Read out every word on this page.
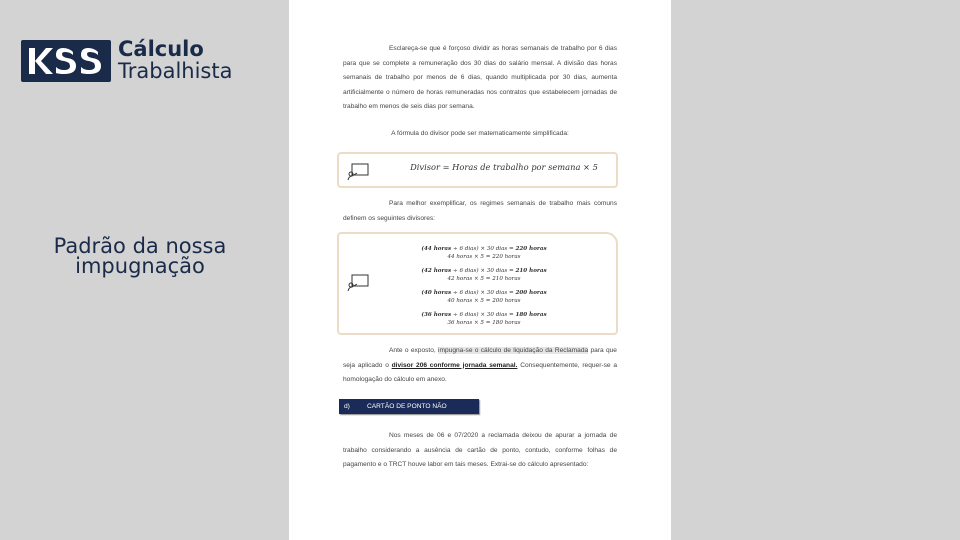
Cálculo
Trabalhista
Padrão da nossa
impugnação

Esclareça-se que é forçoso dividir as horas semanais de trabalho por 6 dias para que se complete a remuneração dos 30 dias do salário mensal. A divisão das horas semanais de trabalho por menos de 6 dias, quando multiplicada por 30 dias, aumenta artificialmente o número de horas remuneradas nos contratos que estabelecem jornadas de trabalho em menos de seis dias por semana.

A fórmula do divisor pode ser matematicamente simplificada:
Divisor = Horas de trabalho por semana × 5

Para melhor exemplificar, os regimes semanais de trabalho mais comuns definem os seguintes divisores:

(44 horas ÷ 6 dias) × 30 dias = 220 horas
44 horas × 5 = 220 horas
(42 horas ÷ 6 dias) × 30 dias = 210 horas
42 horas × 5 = 210 horas
(40 horas ÷ 6 dias) × 30 dias = 200 horas
40 horas × 5 = 200 horas
(36 horas ÷ 6 dias) × 30 dias = 180 horas
36 horas × 5 = 180 horas

Ante o exposto, impugna-se o cálculo de liquidação da Reclamada para que seja aplicado o divisor 206 conforme jornada semanal. Consequentemente, requer-se a homologação do cálculo em anexo.

d)	CARTÃO DE PONTO NÃO APURADO

Nos meses de 06 e 07/2020 a reclamada deixou de apurar a jornada de trabalho considerando a ausência de cartão de ponto, contudo, conforme folhas de pagamento e o TRCT houve labor em tais meses. Extrai-se do cálculo apresentado:
